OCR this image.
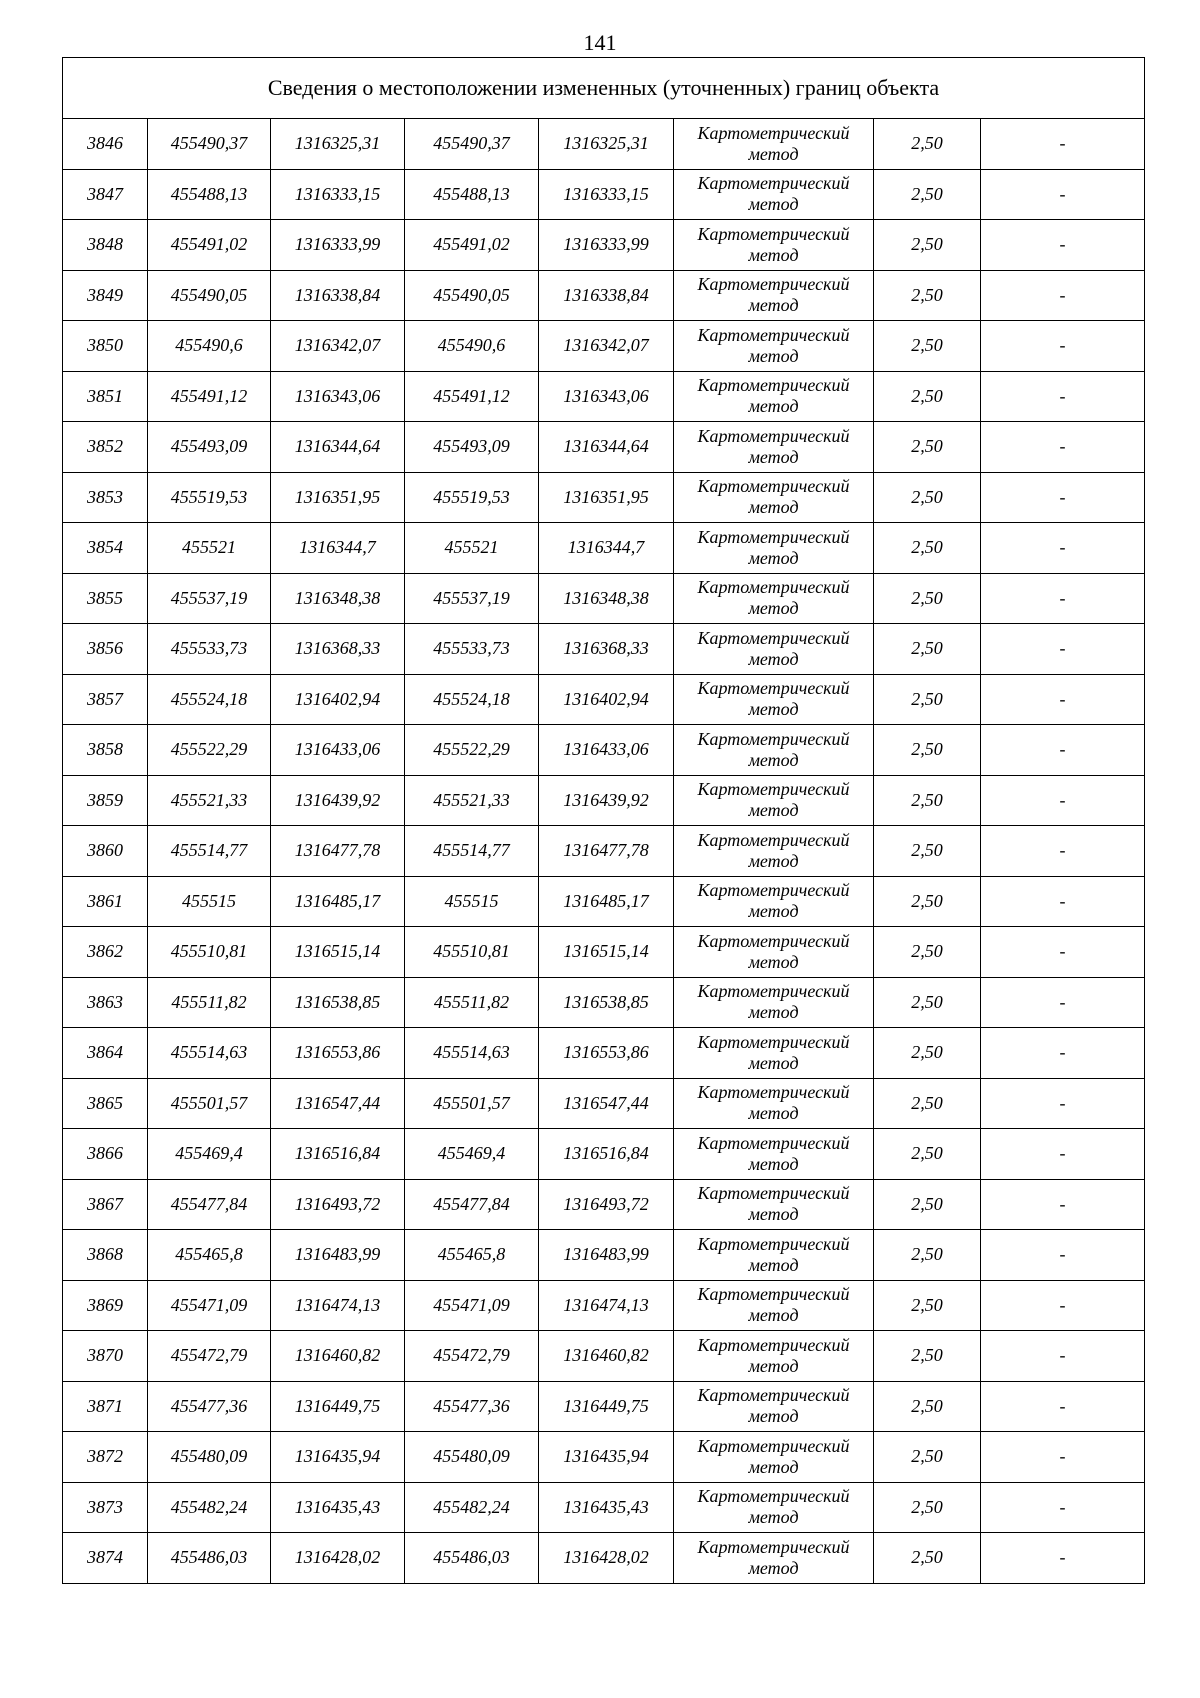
141
Сведения о местоположении измененных (уточненных) границ объекта							
3846	455490,37	1316325,31	455490,37	1316325,31	Картометрический
метод	2,50	-
3847	455488,13	1316333,15	455488,13	1316333,15	Картометрический
метод	2,50	-
3848	455491,02	1316333,99	455491,02	1316333,99	Картометрический
метод	2,50	-
3849	455490,05	1316338,84	455490,05	1316338,84	Картометрический
метод	2,50	-
3850	455490,6	1316342,07	455490,6	1316342,07	Картометрический
метод	2,50	-
3851	455491,12	1316343,06	455491,12	1316343,06	Картометрический
метод	2,50	-
3852	455493,09	1316344,64	455493,09	1316344,64	Картометрический
метод	2,50	-
3853	455519,53	1316351,95	455519,53	1316351,95	Картометрический
метод	2,50	-
3854	455521	1316344,7	455521	1316344,7	Картометрический
метод	2,50	-
3855	455537,19	1316348,38	455537,19	1316348,38	Картометрический
метод	2,50	-
3856	455533,73	1316368,33	455533,73	1316368,33	Картометрический
метод	2,50	-
3857	455524,18	1316402,94	455524,18	1316402,94	Картометрический
метод	2,50	-
3858	455522,29	1316433,06	455522,29	1316433,06	Картометрический
метод	2,50	-
3859	455521,33	1316439,92	455521,33	1316439,92	Картометрический
метод	2,50	-
3860	455514,77	1316477,78	455514,77	1316477,78	Картометрический
метод	2,50	-
3861	455515	1316485,17	455515	1316485,17	Картометрический
метод	2,50	-
3862	455510,81	1316515,14	455510,81	1316515,14	Картометрический
метод	2,50	-
3863	455511,82	1316538,85	455511,82	1316538,85	Картометрический
метод	2,50	-
3864	455514,63	1316553,86	455514,63	1316553,86	Картометрический
метод	2,50	-
3865	455501,57	1316547,44	455501,57	1316547,44	Картометрический
метод	2,50	-
3866	455469,4	1316516,84	455469,4	1316516,84	Картометрический
метод	2,50	-
3867	455477,84	1316493,72	455477,84	1316493,72	Картометрический
метод	2,50	-
3868	455465,8	1316483,99	455465,8	1316483,99	Картометрический
метод	2,50	-
3869	455471,09	1316474,13	455471,09	1316474,13	Картометрический
метод	2,50	-
3870	455472,79	1316460,82	455472,79	1316460,82	Картометрический
метод	2,50	-
3871	455477,36	1316449,75	455477,36	1316449,75	Картометрический
метод	2,50	-
3872	455480,09	1316435,94	455480,09	1316435,94	Картометрический
метод	2,50	-
3873	455482,24	1316435,43	455482,24	1316435,43	Картометрический
метод	2,50	-
3874	455486,03	1316428,02	455486,03	1316428,02	Картометрический
метод	2,50	-
